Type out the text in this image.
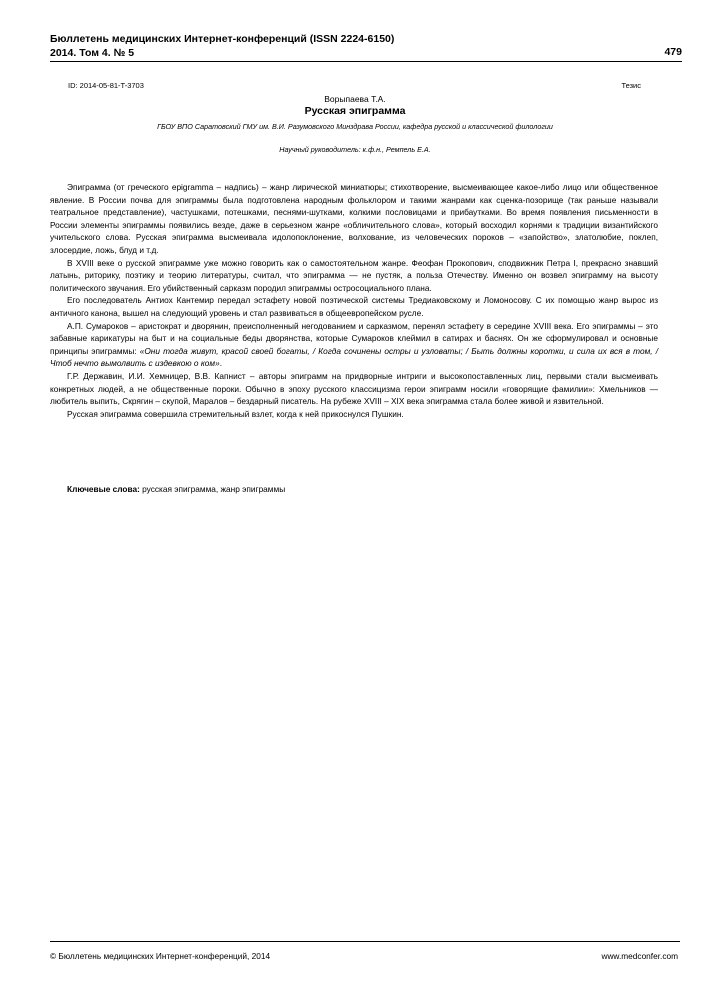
Бюллетень медицинских Интернет-конференций (ISSN 2224-6150)
2014. Том 4. № 5	479
ID: 2014-05-81-T-3703	Тезис
Ворыпаева Т.А.
Русская эпиграмма
ГБОУ ВПО Саратовский ГМУ им. В.И. Разумовского Минздрава России, кафедра русской и классической филологии
Научный руководитель: к.ф.н., Ремпель Е.А.

Эпиграмма (от греческого epigramma – надпись) – жанр лирической миниатюры; стихотворение, высмеивающее какое-либо лицо или общественное явление. В России почва для эпиграммы была подготовлена народным фольклором и такими жанрами как сценка-позорище (так раньше называли театральное представление), частушками, потешками, песнями-шутками, колкими пословицами и прибаутками. Во время появления письменности в России элементы эпиграммы появились везде, даже в серьезном жанре «обличительного слова», который восходил корнями к традиции византийского учительского слова. Русская эпиграмма высмеивала идолопоклонение, волхование, из человеческих пороков – «запойство», златолюбие, поклеп, злосердие, ложь, блуд и т.д.

В XVIII веке о русской эпиграмме уже можно говорить как о самостоятельном жанре. Феофан Прокопович, сподвижник Петра I, прекрасно знавший латынь, риторику, поэтику и теорию литературы, считал, что эпиграмма — не пустяк, а польза Отечеству. Именно он возвел эпиграмму на высоту политического звучания. Его убийственный сарказм породил эпиграммы остросоциального плана.

Его последователь Антиох Кантемир передал эстафету новой поэтической системы Тредиаковскому и Ломоносову. С их помощью жанр вырос из античного канона, вышел на следующий уровень и стал развиваться в общеевропейском русле.

А.П. Сумароков – аристократ и дворянин, преисполненный негодованием и сарказмом, перенял эстафету в середине XVIII века. Его эпиграммы – это забавные карикатуры на быт и на социальные беды дворянства, которые Сумароков клеймил в сатирах и баснях. Он же сформулировал и основные принципы эпиграммы: «Они тогда живут, красой своей богаты, / Когда сочинены остры и узловаты; / Быть должны коротки, и сила их вся в том, / Чтоб нечто вымолвить с издевкою о ком».

Г.Р. Державин, И.И. Хемницер, В.В. Капнист – авторы эпиграмм на придворные интриги и высокопоставленных лиц, первыми стали высмеивать конкретных людей, а не общественные пороки. Обычно в эпоху русского классицизма герои эпиграмм носили «говорящие фамилии»: Хмельников — любитель выпить, Скрягин – скупой, Маралов – бездарный писатель. На рубеже XVIII – XIX века эпиграмма стала более живой и язвительной.

Русская эпиграмма совершила стремительный взлет, когда к ней прикоснулся Пушкин.

Ключевые слова: русская эпиграмма, жанр эпиграммы
© Бюллетень медицинских Интернет-конференций, 2014	www.medconfer.com
